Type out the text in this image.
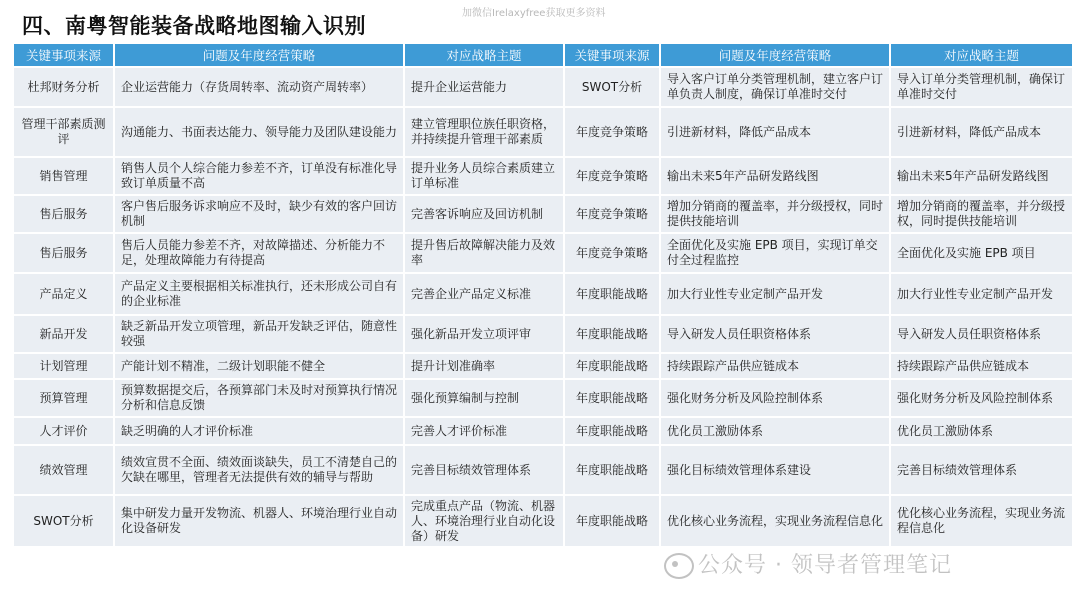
四、南粤智能装备战略地图输入识别
加微信Irelaxyfree获取更多资料
关键事项来源	问题及年度经营策略	对应战略主题	关键事项来源	问题及年度经营策略	对应战略主题
杜邦财务分析	企业运营能力（存货周转率、流动资产周转率）	提升企业运营能力	SWOT分析	导入客户订单分类管理机制，建立客户订单负责人制度，确保订单准时交付	导入订单分类管理机制，确保订单准时交付
管理干部素质测评	沟通能力、书面表达能力、领导能力及团队建设能力	建立管理职位族任职资格，并持续提升管理干部素质	年度竞争策略	引进新材料，降低产品成本	引进新材料，降低产品成本
销售管理	销售人员个人综合能力参差不齐，订单没有标准化导致订单质量不高	提升业务人员综合素质建立订单标准	年度竞争策略	输出未来5年产品研发路线图	输出未来5年产品研发路线图
售后服务	客户售后服务诉求响应不及时，缺少有效的客户回访机制	完善客诉响应及回访机制	年度竞争策略	增加分销商的覆盖率，并分级授权，同时提供技能培训	增加分销商的覆盖率，并分级授权，同时提供技能培训
售后服务	售后人员能力参差不齐，对故障描述、分析能力不足，处理故障能力有待提高	提升售后故障解决能力及效率	年度竞争策略	全面优化及实施 EPB 项目，实现订单交付全过程监控	全面优化及实施 EPB 项目
产品定义	产品定义主要根据相关标准执行，还未形成公司自有的企业标准	完善企业产品定义标准	年度职能战略	加大行业性专业定制产品开发	加大行业性专业定制产品开发
新品开发	缺乏新品开发立项管理，新品开发缺乏评估，随意性较强	强化新品开发立项评审	年度职能战略	导入研发人员任职资格体系	导入研发人员任职资格体系
计划管理	产能计划不精准，二级计划职能不健全	提升计划准确率	年度职能战略	持续跟踪产品供应链成本	持续跟踪产品供应链成本
预算管理	预算数据提交后，各预算部门未及时对预算执行情况分析和信息反馈	强化预算编制与控制	年度职能战略	强化财务分析及风险控制体系	强化财务分析及风险控制体系
人才评价	缺乏明确的人才评价标准	完善人才评价标准	年度职能战略	优化员工激励体系	优化员工激励体系
绩效管理	绩效宣贯不全面、绩效面谈缺失，员工不清楚自己的欠缺在哪里，管理者无法提供有效的辅导与帮助	完善目标绩效管理体系	年度职能战略	强化目标绩效管理体系建设	完善目标绩效管理体系
SWOT分析	集中研发力量开发物流、机器人、环境治理行业自动化设备研发	完成重点产品（物流、机器人、环境治理行业自动化设备）研发	年度职能战略	优化核心业务流程，实现业务流程信息化	优化核心业务流程，实现业务流程信息化
公众号 · 领导者管理笔记
